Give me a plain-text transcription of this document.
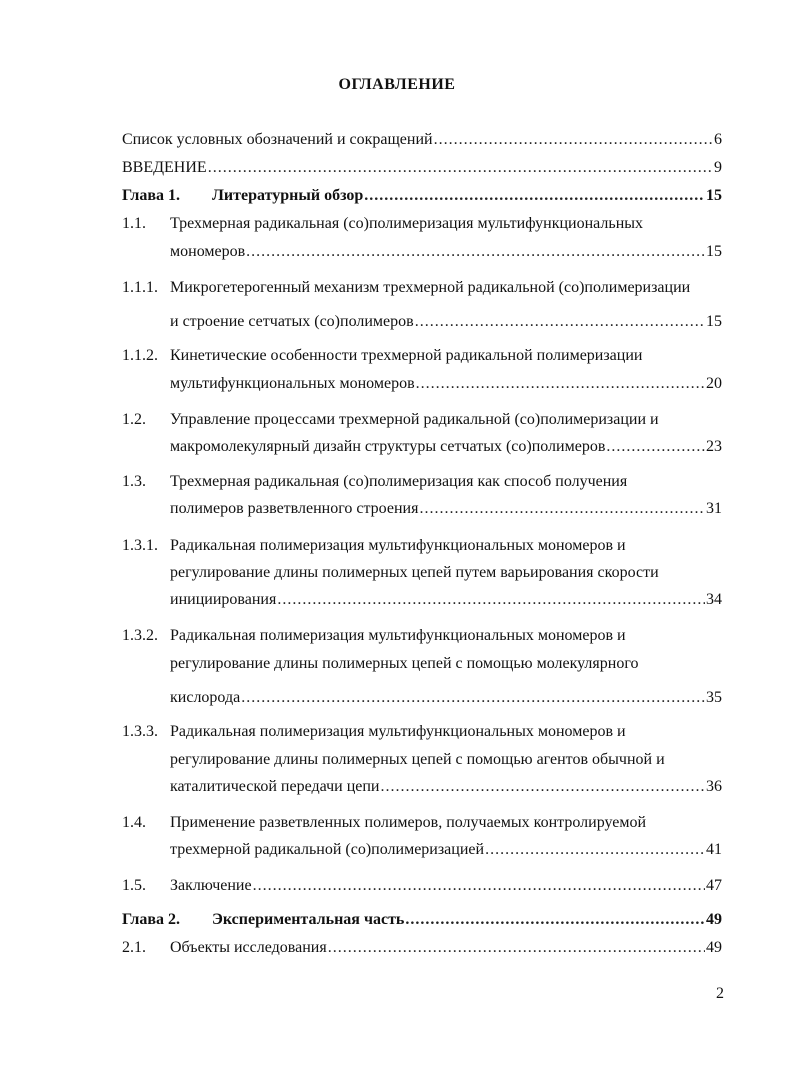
ОГЛАВЛЕНИЕ
Список условных обозначений и сокращений .....	6
ВВЕДЕНИЕ .....	9
Глава 1.	Литературный обзор .....	15
1.1.	Трехмерная радикальная (со)полимеризация мультифункциональных
мономеров .....	15
1.1.1. Микрогетерогенный механизм трехмерной радикальной (со)полимеризации
и строение сетчатых (со)полимеров .....	15
1.1.2. Кинетические особенности трехмерной радикальной полимеризации
мультифункциональных мономеров .....	20
1.2.	Управление процессами трехмерной радикальной (со)полимеризации и
макромолекулярный дизайн структуры сетчатых (со)полимеров .....	23
1.3.	Трехмерная радикальная (со)полимеризация как способ получения
полимеров разветвленного строения .....	31
1.3.1. Радикальная полимеризация мультифункциональных мономеров и
регулирование длины полимерных цепей путем варьирования скорости
инициирования .....	34
1.3.2. Радикальная полимеризация мультифункциональных мономеров и
регулирование длины полимерных цепей с помощью молекулярного
кислорода .....	35
1.3.3. Радикальная полимеризация мультифункциональных мономеров и
регулирование длины полимерных цепей с помощью агентов обычной и
каталитической передачи цепи .....	36
1.4.	Применение разветвленных полимеров, получаемых контролируемой
трехмерной радикальной (со)полимеризацией .....	41
1.5.	Заключение .....	47
Глава 2.	Экспериментальная часть .....	49
2.1.	Объекты исследования .....	49
2
